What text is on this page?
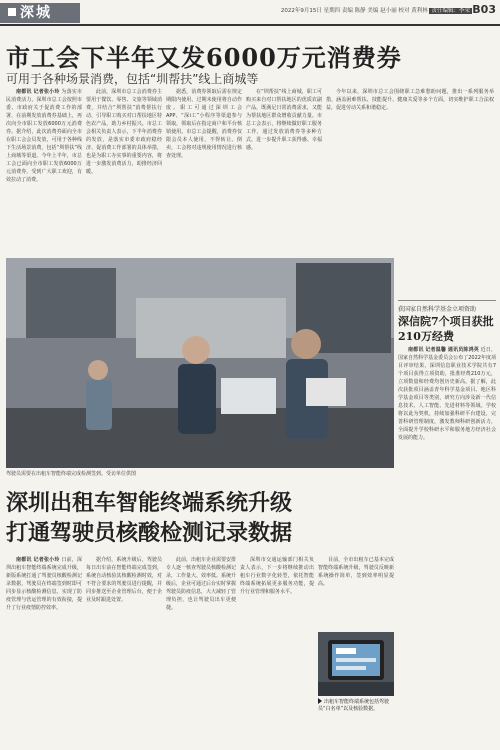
深城	2022年9月15日 星期四 责编 陈静 美编 赵小丽 校对 黄利林 责任编辑：李荣 B03
市工会下半年又发6000万元消费券
可用于各种场景消费，包括“圳帮扶”线上商城等

南都讯 记者张小玲 为落实市民消费活力，深圳市总工会按照市委、市政府关于促消费工作的部署，在前期发放消费券基础上，再次向全市职工发放6000万元消费券。据介绍，此次消费券面向全市在职工会会员发放，可用于各种线下生活场景消费，包括“圳帮扶”线上商城等渠道。今年上半年，市总工会已面向全市职工发放6000万元消费券，受到广大职工欢迎，有效拉动了消费。

此前，深圳市总工会消费券主要用于餐饮、零售、文旅等领域消费，并结合“圳帮扶”消费帮扶行动，引导职工购买对口帮扶地区特色农产品，助力乡村振兴。市总工会相关负责人表示，下半年消费券的发放，是落实市委市政府稳经济、促消费工作部署的具体举措，也是为职工办实事的重要内容，将进一步激发消费活力，助推经济回暖。

据悉，消费券领取后需在规定期限内使用，过期未使用将自动作废。职工可通过深圳工会APP、“深i工”小程序等渠道参与领取，领取后在指定商户和平台核销使用。市总工会提醒，消费券仅限会员本人使用，不得转让、倒卖，工会将对违规使用情况进行核查处理。

在“圳帮扶”线上商城，职工可购买来自对口帮扶地区的优质农副产品，既满足日常消费需求，又能为帮扶地区群众增收贡献力量。市总工会表示，将继续做好职工服务工作，通过发放消费券等多种方式，进一步提升职工获得感、幸福感。

今年以来，深圳市总工会围绕职工急难愁盼问题，推出一系列服务举措，涵盖困难帮扶、技能提升、健康关爱等多个方面，切实维护职工合法权益，促进劳动关系和谐稳定。

驾驶员需要在出租车智能终端完成检测签到。受访单位供图
获国家自然科学基金立项资助
深信院7个项目获批210万经费

南都讯 记者温馨 通讯员陈鸿英 近日，国家自然科学基金委员会公布了2022年度项目评审结果，深圳信息职业技术学院共有7个项目获得立项资助，批准经费210万元，立项数量和经费均创历史新高。据了解，此次获批项目涵盖青年科学基金项目、地区科学基金项目等类别，研究方向涉及新一代信息技术、人工智能、先进材料等领域。学校将以此为契机，持续加强科研平台建设，完善科研管理制度，激发教师科研创新活力，全面提升学校科研水平和服务地方经济社会发展的能力。

深圳出租车智能终端系统升级
打通驾驶员核酸检测记录数据

南都讯 记者张小玲 日前，深圳出租车智能终端系统完成升级，新版系统打通了驾驶员核酸检测记录数据，驾驶员在终端签到时即可同步显示核酸检测信息，实现了防疫管理与营运管理的有效衔接，提升了行业疫情防控效率。

据介绍，系统升级后，驾驶员每日出车前在智能终端完成签到，系统自动核验其核酸检测时效，对不符合要求的驾驶员进行提醒，并同步推送至企业管理后台，便于企业及时跟进处置。

此前，出租车企业需要安排专人逐一核查驾驶员核酸检测记录，工作量大、效率低。系统升级后，企业可通过后台实时掌握驾驶员防疫信息，大大减轻了管理负担，也让驾驶员出车更便捷。

深圳市交通运输部门相关负责人表示，下一步将继续推动出租车行业数字化转型，依托智能终端系统拓展更多服务功能，提升行业管理和服务水平。

目前，全市出租车已基本完成智能终端系统升级，驾驶员反映新系统操作简单，签到效率明显提高。

出租车智能终端系统包括驾驶员“白名单”以及核验数据。
